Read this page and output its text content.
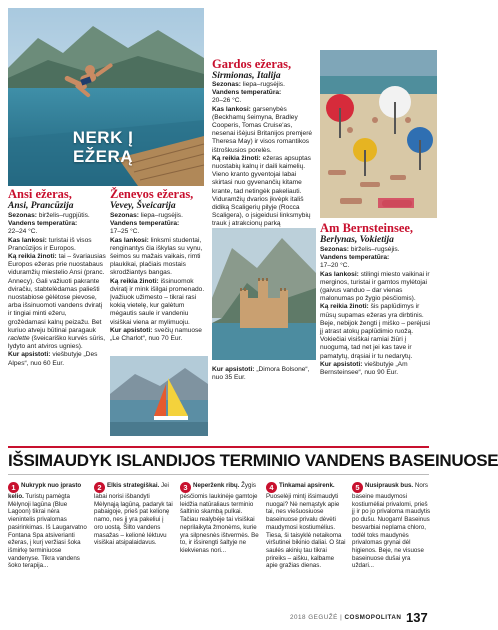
NERK Į
EŽERĄ
Gardos ežeras,
Sirmionas, Italija

Sezonas: liepa–rugsėjis.

Vandens temperatūra:
20–26 °C.

Kas lankosi: garsenybės (Beckhamų šeimyna, Bradley Cooperis, Tomas Cruise'as, nesenai išėjusi Britanijos premjerė Theresa May) ir visos romantikos ištroškusios porelės.

Ką reikia žinoti: ežeras apsuptas nuostabių kalnų ir daili kaimelių. Vieno kranto gyventojai labai skirtasi nuo gyvenančių kitame krante, tad netingėk pakeliauti. Viduramžių dvarios įkvėpk itališ didiką Scaligerių pilyje (Rocca Scaligera), o įsigeidusi linksmybių trauk į atrakcionų parką

Ansi ežeras,
Ansi, Prancūzija

Sezonas: birželis–rugpjūtis.

Vandens temperatūra:
22–24 °C.

Kas lankosi: turistai iš visos Prancūzijos ir Europos.

Ką reikia žinoti: tai – švariausias Europos ežeras prie nuostabaus viduramžių miestelio Ansi (pranc. Annecy). Gali važiuoti pakrante dviračiu, stabtelėdamas paliešti nuostabiose gėlėtose pievose, arba išsinuomoti vandens dviratį ir tingiai minti ežeru, grožėdamasi kalnų peizažu. Bet kuriuo atveju būtinai paragauk raclette (šveicariško kurvės sūris, lydyto ant atviros ugnies).

Kur apsistoti: viešbutyje „Des Alpes“, nuo 60 Eur.

Ženevos ežeras,
Vevey, Šveicarija

Sezonas: liepa–rugsėjis.

Vandens temperatūra:
17–25 °C.

Kas lankosi: linksmi studentai, renginantys čia iškylas su vynu, šeimos su mažais vaikais, rimti plaukikai, plačiais mostais skrodžiantys bangas.

Ką reikia žinoti: išsinuomok dviratį ir mink išilgai promenado. Įvažiuok užimesto – tikrai rasi kokią vietelę, kur galėtum mėgautis saule ir vandeniu visiškai viena ar mylimuoju.

Kur apsistoti: svečių namuose „Le Charlot“, nuo 70 Eur.

Am Bernsteinsee,
Berlynas, Vokietija

Sezonas: birželis–rugsėjis.

Vandens temperatūra:
17–20 °C.

Kas lankosi: stilingi miesto vaikinai ir merginos, turistai ir gamtos mylėtojai (gaivus vanduo – dar vienas malonumas po žygio pėsčiomis).

Ką reikia žinoti: šis paplūdimys ir mūsų supamas ežeras yra dirbtinis. Beje, nebijok žengti į miško – perėjusi jį atrast atokų paplūdimio ruožą. Vokiečiai visiškai ramiai žiūri į nuogumą, tad net jei kas tave ir pamatytų, drąsiai ir tu nedarytų.

Kur apsistoti: viešbutyje „Am Bernsteinsee“, nuo 90 Eur.

Kur apsistoti: „Dimora Bolsone“, nuo 35 Eur.

IŠSIMAUDYK ISLANDIJOS TERMINIO VANDENS BASEINUOSE
1 Nukrypk nuo įprasto kelio. Turistų pamėgta Mėlynoji lagūna (Blue Lagoon) tikrai nėra vienintelis privalomas pasirinkimas. Iš Laugarvatno Fontana Spa atsiverianti ežeras, į kurį veržiasi šoka išmirkę terminiuose vandenyse. Tikra vandens šoko terapija...
2 Elkis strategiškai. Jei labai norisi išbandyti Mėlynąją lagūną, padaryk tai pabaigoje, prieš pat kelionę namo, nes jį yra pakeliui į oro uostą. Šilto vandens masažas – kelionė lėktuvu visiškai atsipalaidavus.
3 Neperženk ribų. Žygis pėsčiomis laukinėje gamtoje leidžia natūraliaus terminio šaltinio skambą pulkai. Tačiau realybėje tai visiškai neprilaikyta žmonėms, kurie yra silpnesnės ištvermės. Be to, ir išsirengti šaltyje ne kiekvienas nori...
4 Tinkamai apsirenk. Puoselėji mintį išsimaudyti nuogai? Nė nemąstyk apie tai, nes viešuosiuose baseinuose privalu dėvėti maudymosi kostiumėlius. Tiesa, ši taisyklė netaikoma viršutinei bikinio daliai. O štai saulės akinių tau tikrai prireiks – aišku, kalbame apie gražias dienas.
5 Nusiprausk bus. Nors baseine maudymosi kostiumėliai privalomi, prieš jį ir po jo privaloma maudytis po dušu. Nuogam! Baseinus besvarbiai neplama chloro, todėl toks maudynės privalomas grynai dėl higienos. Beje, ne visuose baseinuose dušai yra uždari...
2018 GEGUŽĖ | COSMOPOLITAN 137
